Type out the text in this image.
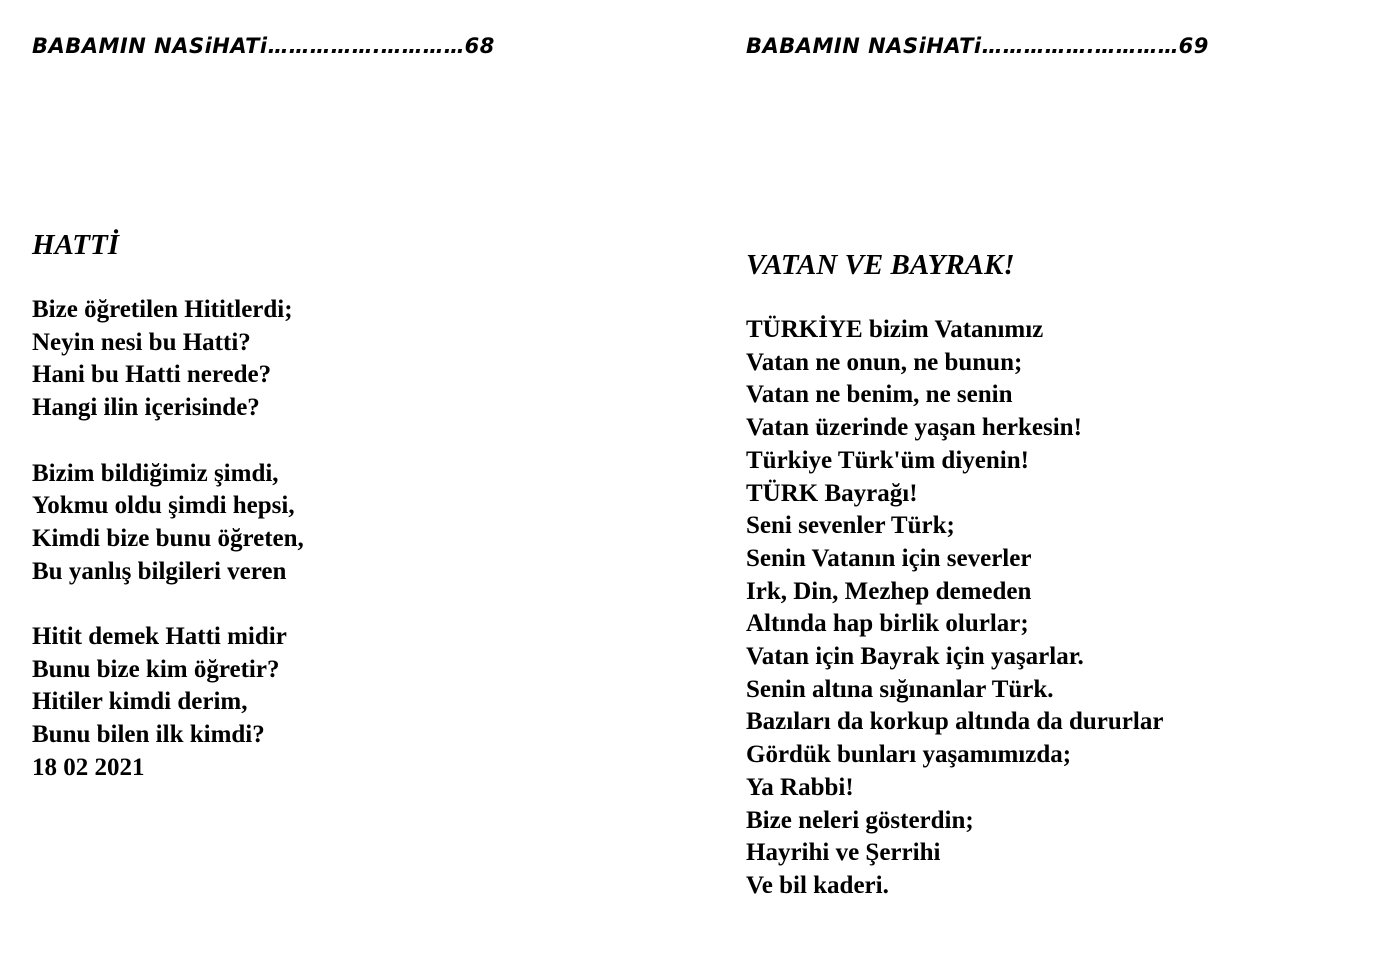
BABAMIN NASiHATi…………….…………68
HATTİ
Bize öğretilen Hititlerdi;
Neyin nesi bu Hatti?
Hani bu Hatti nerede?
Hangi ilin içerisinde?
Bizim bildiğimiz şimdi,
Yokmu oldu şimdi hepsi,
Kimdi bize bunu öğreten,
Bu yanlış bilgileri veren
Hitit demek Hatti midir
Bunu bize kim öğretir?
Hitiler kimdi derim,
Bunu bilen ilk kimdi?
18 02 2021
BABAMIN NASiHATi…………….…………69
VATAN VE BAYRAK!
TÜRKİYE bizim Vatanımız
Vatan ne onun, ne bunun;
Vatan ne benim, ne senin
Vatan üzerinde yaşan herkesin!
Türkiye Türk'üm diyenin!
TÜRK Bayrağı!
Seni sevenler Türk;
Senin Vatanın için severler
Irk, Din, Mezhep demeden
Altında hap birlik olurlar;
Vatan için Bayrak için yaşarlar.
Senin altına sığınanlar Türk.
Bazıları da korkup altında da dururlar
Gördük bunları yaşamımızda;
Ya Rabbi!
Bize neleri gösterdin;
Hayrihi ve Şerrihi
Ve bil kaderi.
